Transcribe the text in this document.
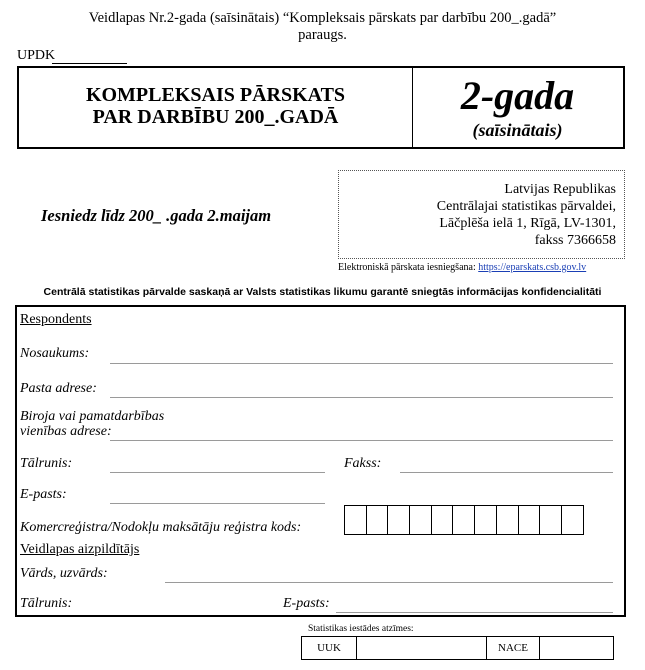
Veidlapas Nr.2-gada (saīsinātais) “Kompleksais pārskats par darbību 200_.gadā”
paraugs.
UPDK
KOMPLEKSAIS PĀRSKATS
PAR DARBĪBU 200_.GADĀ	2-gada
(saīsinātais)
Iesniedz līdz 200_ .gada 2.maijam
Latvijas Republikas
Centrālajai statistikas pārvaldei,
Lāčplēša ielā 1, Rīgā, LV-1301,
fakss 7366658
Elektroniskā pārskata iesniegšana: https://eparskats.csb.gov.lv
Centrālā statistikas pārvalde saskaņā ar Valsts statistikas likumu garantē sniegtās informācijas konfidencialitāti
Respondents
Nosaukums:
Pasta adrese:
Biroja vai pamatdarbības
vienības adrese:
Tālrunis:	Fakss:
E-pasts:
Komercreģistra/Nodokļu maksātāju reģistra kods:
Veidlapas aizpildītājs
Vārds, uzvārds:
Tālrunis:	E-pasts:
Statistikas iestādes atzīmes:
UUK	NACE
